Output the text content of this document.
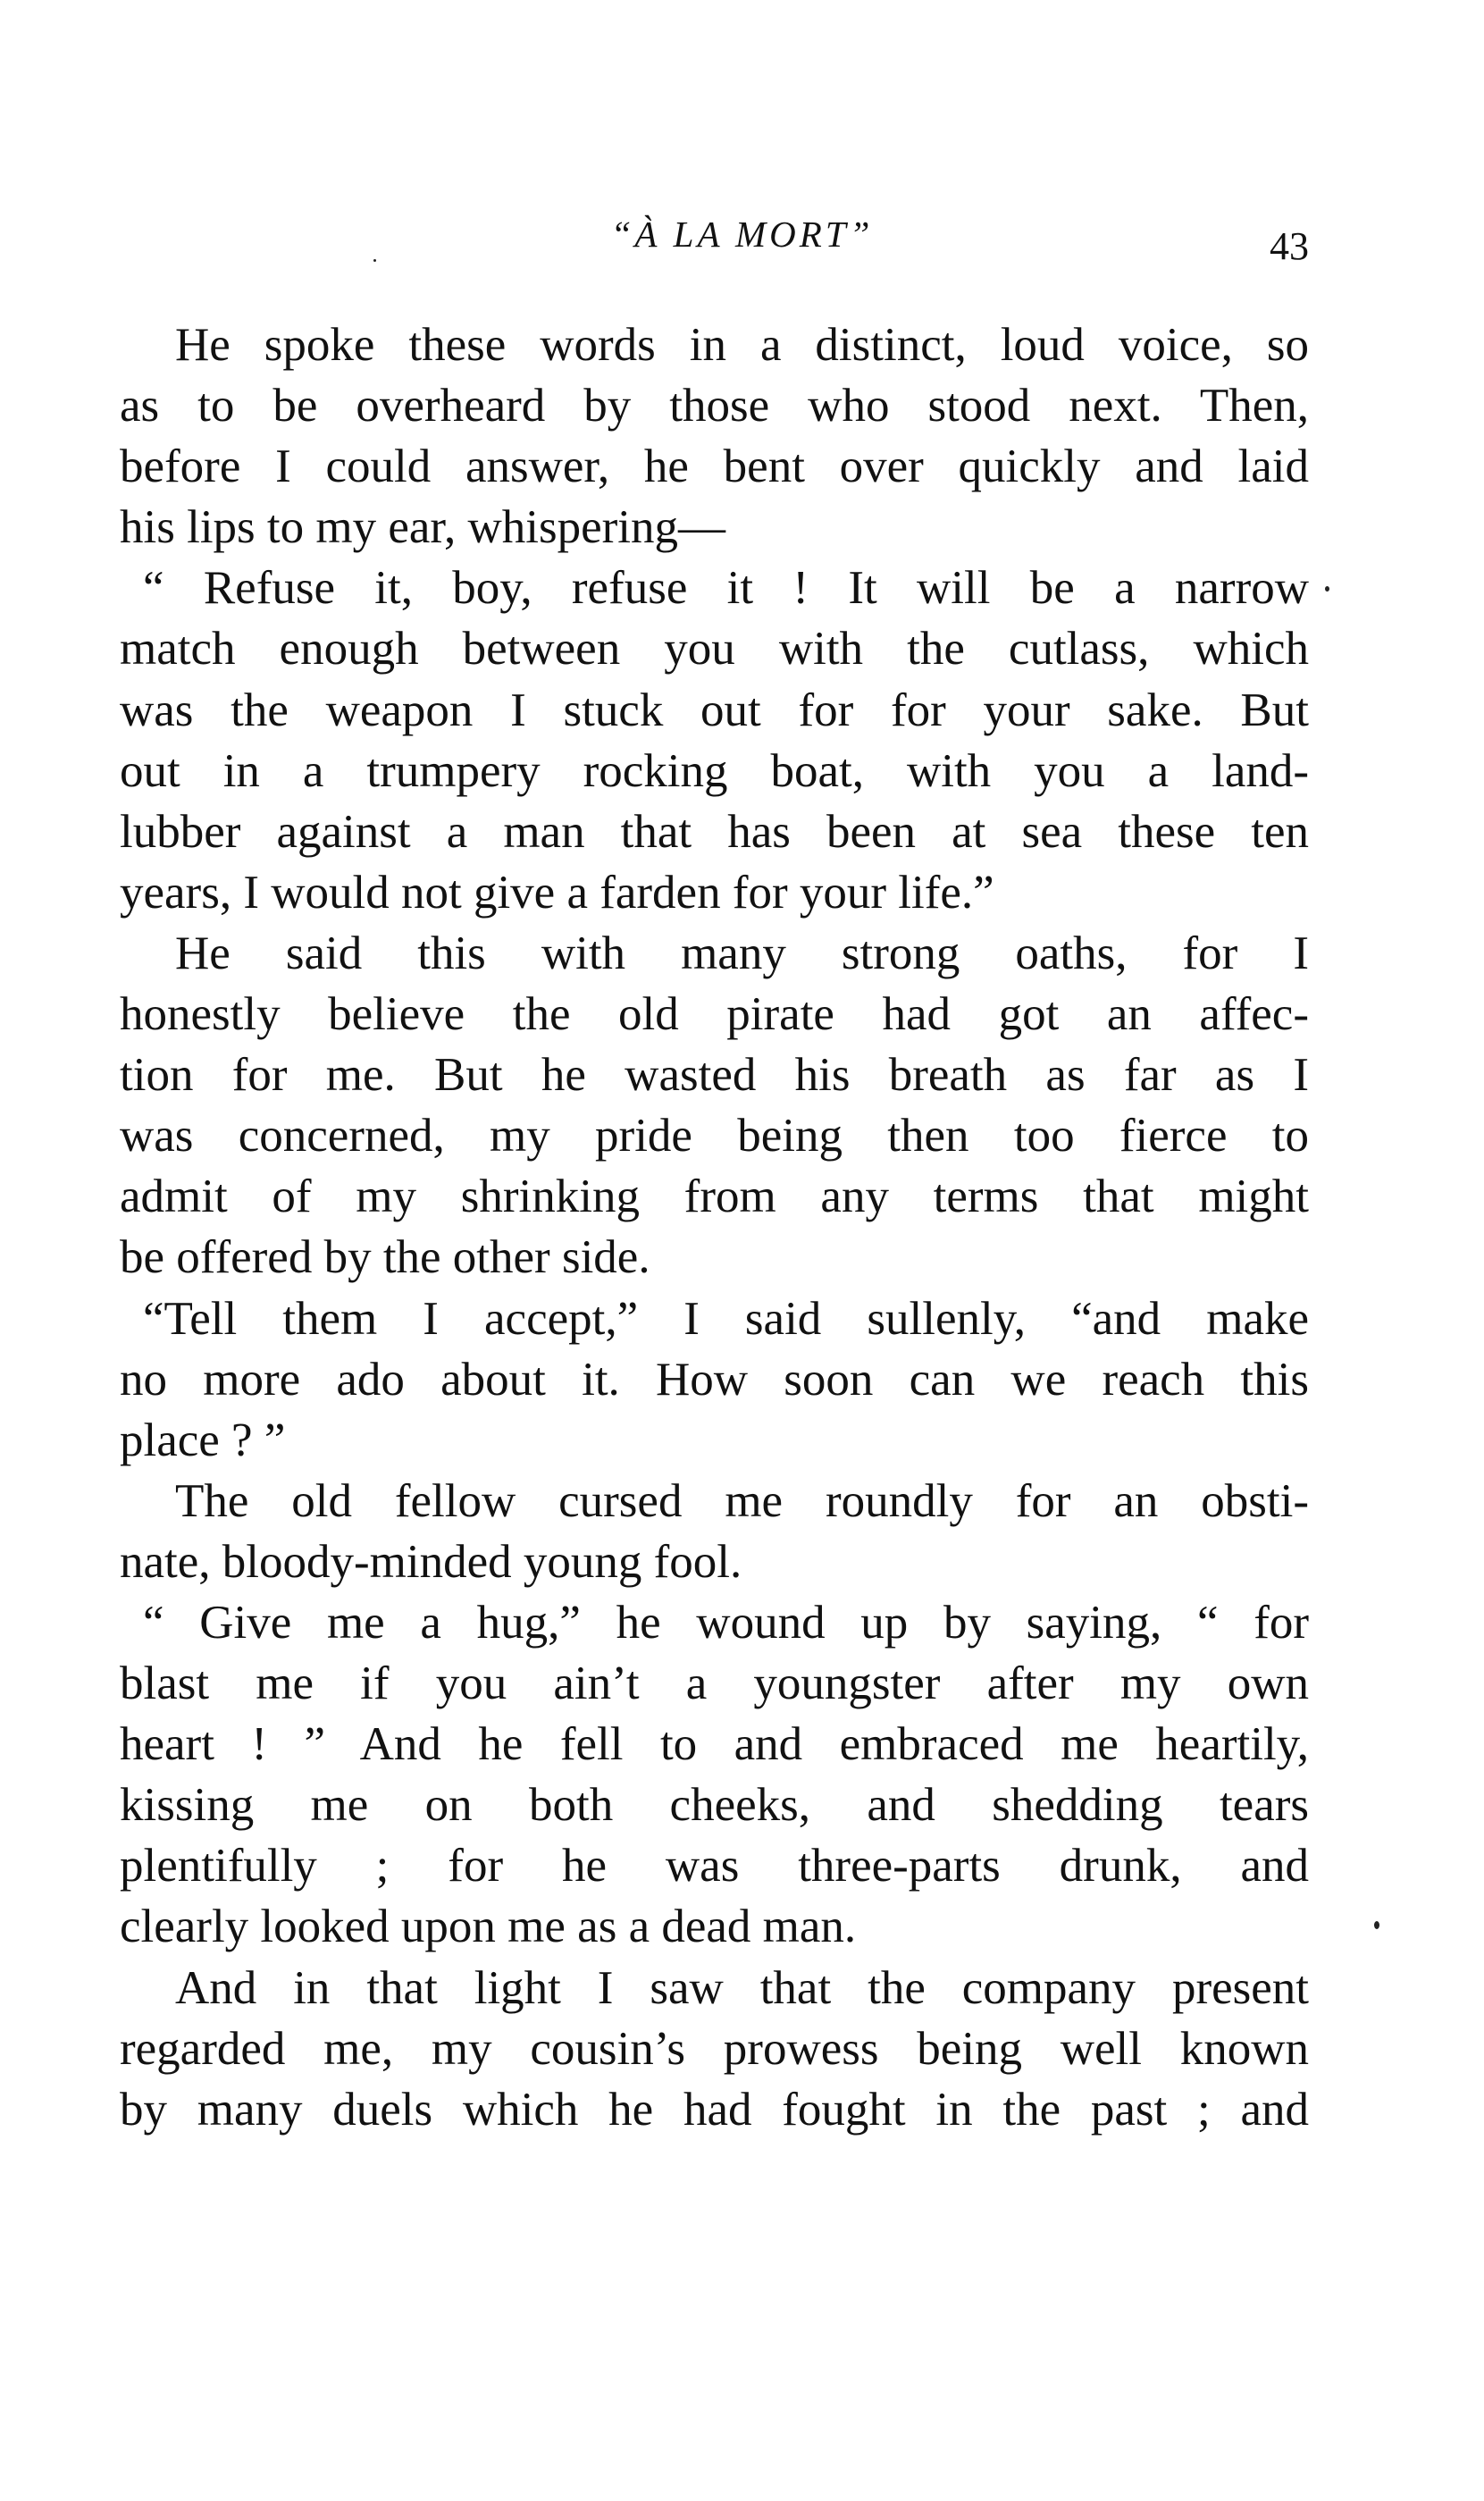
“À LA MORT”	43
He spoke these words in a distinct, loud voice, so
as to be overheard by those who stood next. Then,
before I could answer, he bent over quickly and laid
his lips to my ear, whispering—
“ Refuse it, boy, refuse it ! It will be a narrow
match enough between you with the cutlass, which
was the weapon I stuck out for for your sake. But
out in a trumpery rocking boat, with you a land-
lubber against a man that has been at sea these ten
years, I would not give a farden for your life.”
He said this with many strong oaths, for I
honestly believe the old pirate had got an affec-
tion for me. But he wasted his breath as far as I
was concerned, my pride being then too fierce to
admit of my shrinking from any terms that might
be offered by the other side.
“Tell them I accept,” I said sullenly, “and make
no more ado about it. How soon can we reach this
place ? ”
The old fellow cursed me roundly for an obsti-
nate, bloody-minded young fool.
“ Give me a hug,” he wound up by saying, “ for
blast me if you ain’t a youngster after my own
heart ! ” And he fell to and embraced me heartily,
kissing me on both cheeks, and shedding tears
plentifully ; for he was three-parts drunk, and
clearly looked upon me as a dead man.
And in that light I saw that the company present
regarded me, my cousin’s prowess being well known
by many duels which he had fought in the past ; and
